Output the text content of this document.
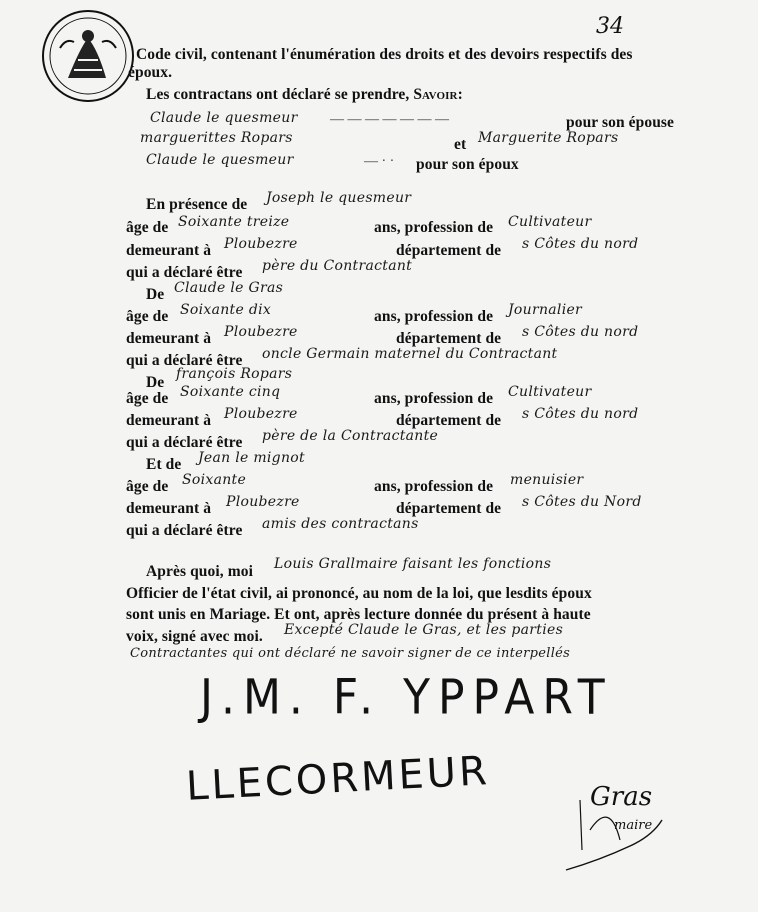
34
Code civil, contenant l'énumération des droits et des devoirs respectifs des
époux.
Les contractans ont déclaré se prendre, Savoir:
Claude le quesmeur — — — — — — —	pour son épouse
marguerittes Ropars	et Marguerite Ropars
Claude le quesmeur	— · · pour son époux
En présence de Joseph le quesmeur
âge de Soixante treize	ans, profession de Cultivateur
demeurant à Ploubezre	département de s Côtes du nord
qui a déclaré être père du Contractant
De Claude le Gras
âge de Soixante dix	ans, profession de Journalier
demeurant à Ploubezre	département de s Côtes du nord
qui a déclaré être oncle Germain maternel du Contractant
De françois Ropars
âge de Soixante cinq	ans, profession de Cultivateur
demeurant à Ploubezre	département de s Côtes du nord
qui a déclaré être père de la Contractante
Et de Jean le mignot
âge de Soixante	ans, profession de menuisier
demeurant à Ploubezre	département de s Côtes du Nord
qui a déclaré être amis des contractans
Après quoi, moi Louis Grallmaire faisant les fonctions
Officier de l'état civil, ai prononcé, au nom de la loi, que lesdits époux
sont unis en Mariage. Et ont, après lecture donnée du présent à haute
voix, signé avec moi. Excepté Claude le Gras, et les parties
Contractantes qui ont déclaré ne savoir signer de ce interpellés
J.M. F. YPPART
LLECORMEUR	Gras
maire
